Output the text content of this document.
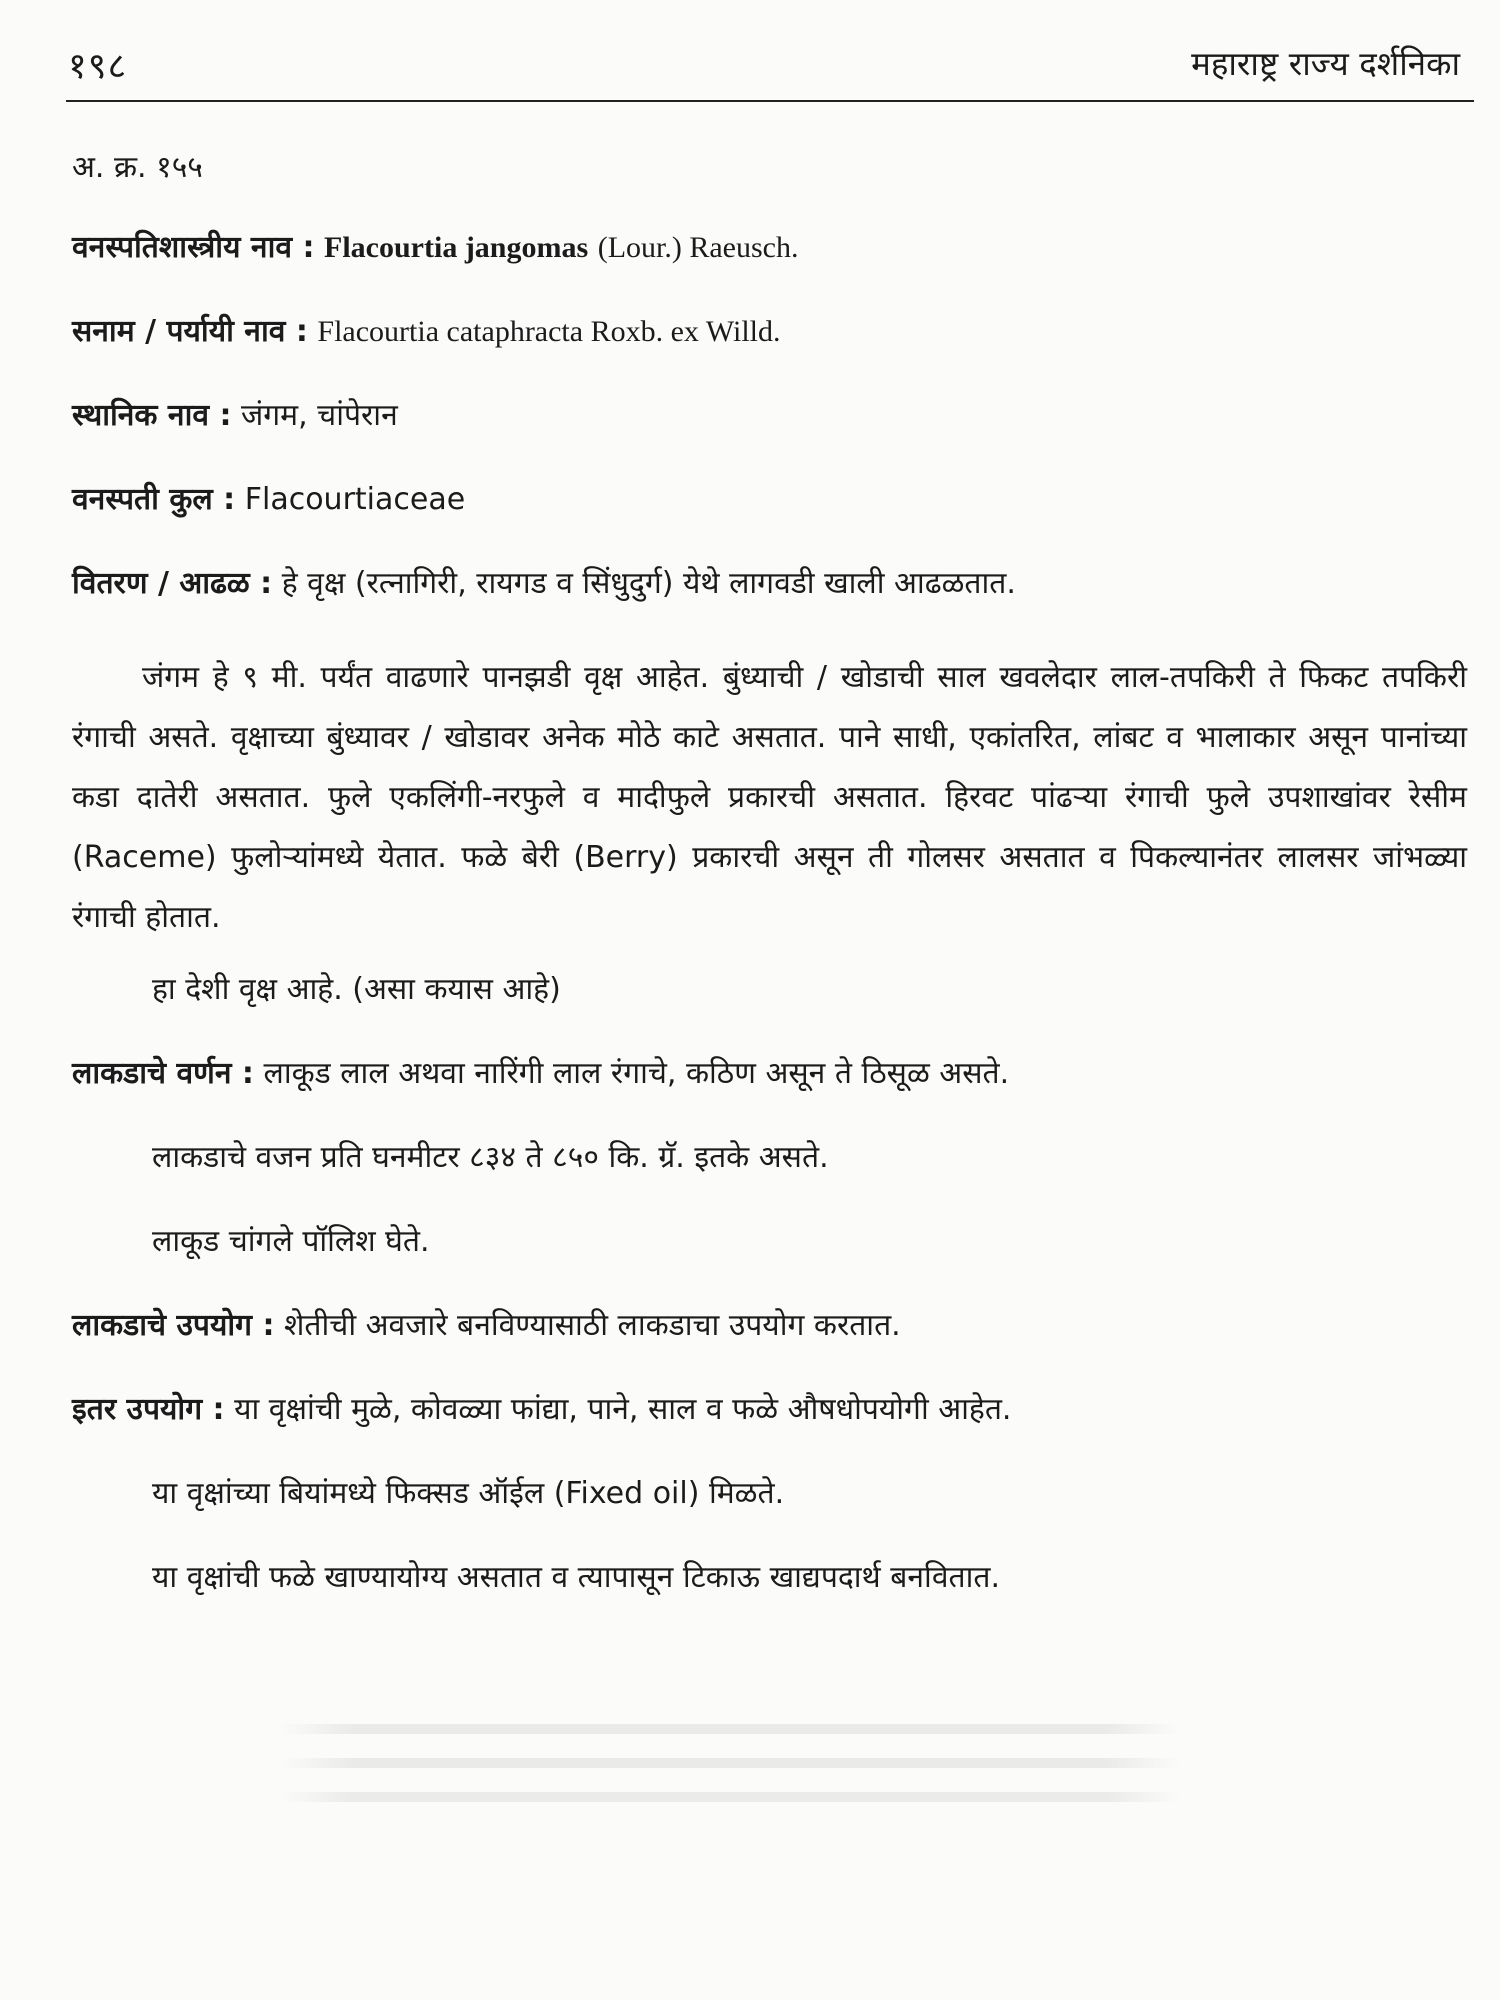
१९८	महाराष्ट्र राज्य दर्शनिका
अ. क्र. १५५
वनस्पतिशास्त्रीय नाव : Flacourtia jangomas (Lour.) Raeusch.
सनाम / पर्यायी नाव : Flacourtia cataphracta Roxb. ex Willd.
स्थानिक नाव : जंगम, चांपेरान
वनस्पती कुल : Flacourtiaceae
वितरण / आढळ : हे वृक्ष (रत्नागिरी, रायगड व सिंधुदुर्ग) येथे लागवडी खाली आढळतात.
जंगम हे ९ मी. पर्यंत वाढणारे पानझडी वृक्ष आहेत. बुंध्याची / खोडाची साल खवलेदार लाल-तपकिरी ते फिकट तपकिरी रंगाची असते. वृक्षाच्या बुंध्यावर / खोडावर अनेक मोठे काटे असतात. पाने साधी, एकांतरित, लांबट व भालाकार असून पानांच्या कडा दातेरी असतात. फुले एकलिंगी-नरफुले व मादीफुले प्रकारची असतात. हिरवट पांढऱ्या रंगाची फुले उपशाखांवर रेसीम (Raceme) फुलोऱ्यांमध्ये येतात. फळे बेरी (Berry) प्रकारची असून ती गोलसर असतात व पिकल्यानंतर लालसर जांभळ्या रंगाची होतात.
हा देशी वृक्ष आहे. (असा कयास आहे)
लाकडाचे वर्णन : लाकूड लाल अथवा नारिंगी लाल रंगाचे, कठिण असून ते ठिसूळ असते.
लाकडाचे वजन प्रति घनमीटर ८३४ ते ८५० कि. ग्रॅ. इतके असते.
लाकूड चांगले पॉलिश घेते.
लाकडाचे उपयोग : शेतीची अवजारे बनविण्यासाठी लाकडाचा उपयोग करतात.
इतर उपयोग : या वृक्षांची मुळे, कोवळ्या फांद्या, पाने, साल व फळे औषधोपयोगी आहेत.
या वृक्षांच्या बियांमध्ये फिक्सड ऑईल (Fixed oil) मिळते.
या वृक्षांची फळे खाण्यायोग्य असतात व त्यापासून टिकाऊ खाद्यपदार्थ बनवितात.
